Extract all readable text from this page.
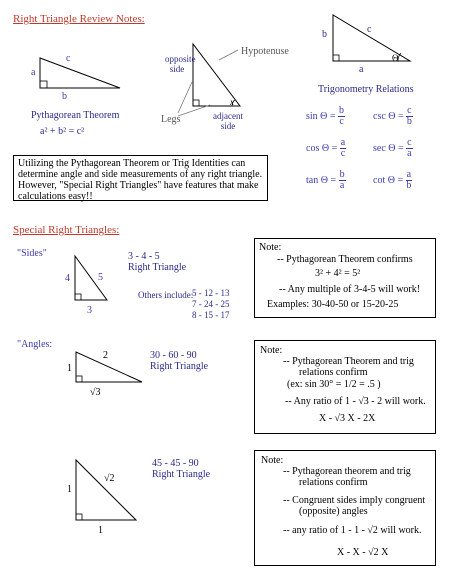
Right Triangle Review Notes:
a
c
b
Pythagorean Theorem
a² + b² = c²
opposite
side
Hypotenuse
Legs	adjacent
side
x
b	c
a
Θ
Trigonometry Relations
$\sin \Theta = \frac{b}{c}$	$\csc \Theta = \frac{c}{b}$
$\cos \Theta = \frac{a}{c}$	$\sec \Theta = \frac{c}{a}$
$\tan \Theta = \frac{b}{a}$	$\cot \Theta = \frac{a}{b}$
Utilizing the Pythagorean Theorem or Trig Identities can determine angle and side measurements of any right triangle. However, "Special Right Triangles" have features that make calculations easy!!
Special Right Triangles:
"Sides"
4	5
3
3 - 4 - 5
Right Triangle
Others include:
5 - 12 - 13
7 - 24 - 25
8 - 15 - 17
Note:
-- Pythagorean Theorem confirms
3² + 4² = 5²
-- Any multiple of 3-4-5 will work!
Examples: 30-40-50 or 15-20-25
"Angles:
1
2
√3
30 - 60 - 90
Right Triangle
Note:
-- Pythagorean Theorem and trig
relations confirm
(ex: sin 30° = 1/2 = .5 )
-- Any ratio of 1 - √3 - 2 will work.
X - √3 X - 2X
1
√2
1
45 - 45 - 90
Right Triangle
Note:
-- Pythagorean theorem and trig
relations confirm
-- Congruent sides imply congruent
(opposite) angles
-- any ratio of 1 - 1 - √2 will work.
X - X - √2 X
